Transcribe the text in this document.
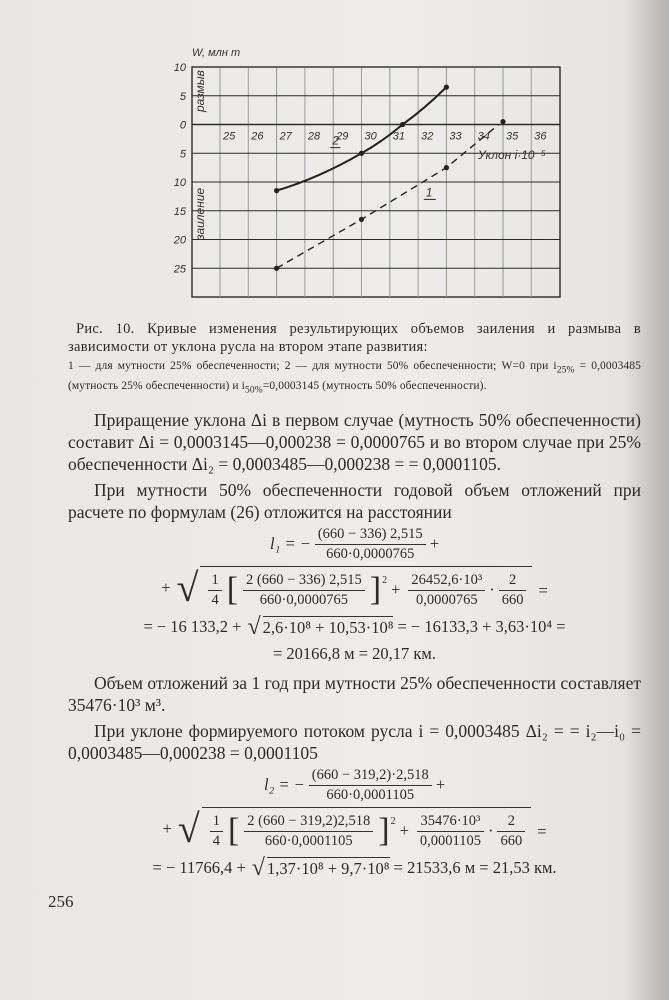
25 26 27 28 29 30 31 32 33 34 35 36
10
5
0
5
10
15
20
25
1
2
W, млн т
размыв
заиление
Уклон i·10⁻⁵
Рис. 10. Кривые изменения результирующих объемов заиления и размыва в зависимости от уклона русла на втором этапе развития:
1 — для мутности 25% обеспеченности; 2 — для мутности 50% обеспеченности; W=0 при $i_{25\%} = 0,0003485$ (мутность 25% обеспеченности) и $i_{50\%}=0,0003145$ (мутность 50% обеспеченности).
Приращение уклона Δi в первом случае (мутность 50% обеспеченности) составит Δi = 0,0003145—0,000238 = 0,0000765 и во втором случае при 25% обеспеченности Δi₂ = 0,0003485—0,000238 = = 0,0001105.
При мутности 50% обеспеченности годовой объем отложений при расчете по формулам (26) отложится на расстоянии
l₁ = − $\frac{(660 - 336) 2,515}{660\cdot 0,0000765}$ +
+ √ $\frac{1}{4}$ [ $\frac{2 (660 - 336) 2,515}{660\cdot 0,0000765} ]^2 + \frac{\text{26452,6·10³}}{0,0000765} \cdot \frac{2}{660}$ =
= − 16 133,2 + √ 2,6·10⁸ + 10,53·10⁸ = − 16133,3 + 3,63·10⁴ =
= 20166,8 м = 20,17 км.
Объем отложений за 1 год при мутности 25% обеспеченности составляет 35476·10³ м³.
При уклоне формируемого потоком русла i = 0,0003485 Δi₂ = = i₂—i₀ = 0,0003485—0,000238 = 0,0001105
l₂ = − $\frac{(660 - 319,2)\cdot 2,518}{660\cdot 0,0001105}$ +
+ √ $\frac{1}{4}$ [ $\frac{2 (660 - 319,2)2,518}{660\cdot 0,0001105} ]^2 + \frac{\text{35476·10³}}{0,0001105} \cdot \frac{2}{660}$ =
= − 11766,4 + √ 1,37·10⁸ + 9,7·10⁸ = 21533,6 м = 21,53 км.
256
